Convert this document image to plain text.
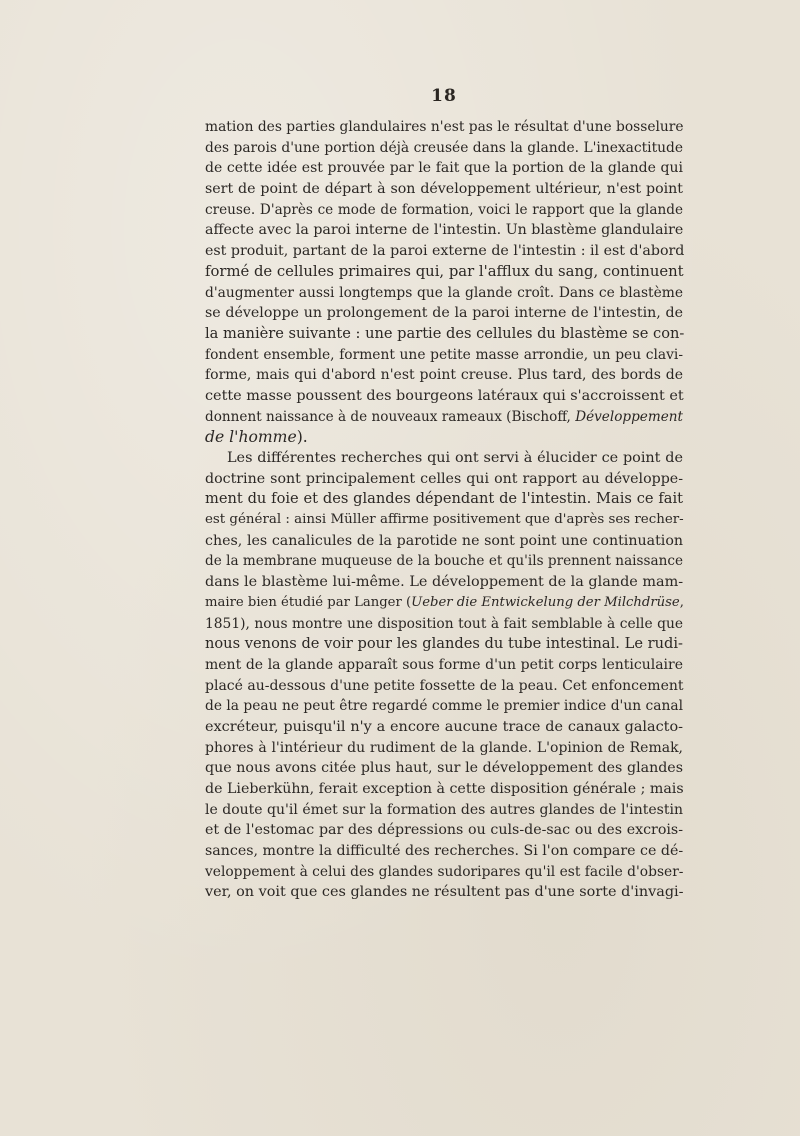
18
mation des parties glandulaires n'est pas le résultat d'une bosselure
des parois d'une portion déjà creusée dans la glande. L'inexactitude
de cette idée est prouvée par le fait que la portion de la glande qui
sert de point de départ à son développement ultérieur, n'est point
creuse. D'après ce mode de formation, voici le rapport que la glande
affecte avec la paroi interne de l'intestin. Un blastème glandulaire
est produit, partant de la paroi externe de l'intestin : il est d'abord
formé de cellules primaires qui, par l'afflux du sang, continuent
d'augmenter aussi longtemps que la glande croît. Dans ce blastème
se développe un prolongement de la paroi interne de l'intestin, de
la manière suivante : une partie des cellules du blastème se con-
fondent ensemble, forment une petite masse arrondie, un peu clavi-
forme, mais qui d'abord n'est point creuse. Plus tard, des bords de
cette masse poussent des bourgeons latéraux qui s'accroissent et
donnent naissance à de nouveaux rameaux (Bischoff, Développement
de l'homme).
Les différentes recherches qui ont servi à élucider ce point de
doctrine sont principalement celles qui ont rapport au développe-
ment du foie et des glandes dépendant de l'intestin. Mais ce fait
est général : ainsi Müller affirme positivement que d'après ses recher-
ches, les canalicules de la parotide ne sont point une continuation
de la membrane muqueuse de la bouche et qu'ils prennent naissance
dans le blastème lui-même. Le développement de la glande mam-
maire bien étudié par Langer (Ueber die Entwickelung der Milchdrüse,
1851), nous montre une disposition tout à fait semblable à celle que
nous venons de voir pour les glandes du tube intestinal. Le rudi-
ment de la glande apparaît sous forme d'un petit corps lenticulaire
placé au-dessous d'une petite fossette de la peau. Cet enfoncement
de la peau ne peut être regardé comme le premier indice d'un canal
excréteur, puisqu'il n'y a encore aucune trace de canaux galacto-
phores à l'intérieur du rudiment de la glande. L'opinion de Remak,
que nous avons citée plus haut, sur le développement des glandes
de Lieberkühn, ferait exception à cette disposition générale ; mais
le doute qu'il émet sur la formation des autres glandes de l'intestin
et de l'estomac par des dépressions ou culs-de-sac ou des excrois-
sances, montre la difficulté des recherches. Si l'on compare ce dé-
veloppement à celui des glandes sudoripares qu'il est facile d'obser-
ver, on voit que ces glandes ne résultent pas d'une sorte d'invagi-
